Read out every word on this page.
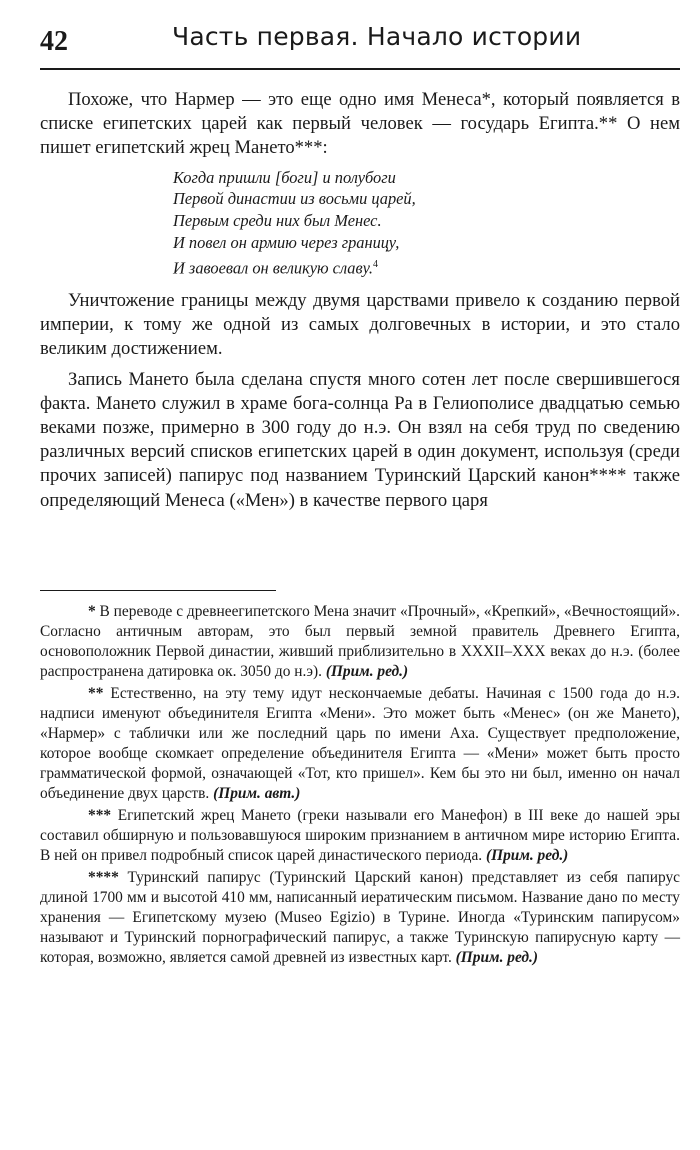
42	Часть первая. Начало истории

Похоже, что Нармер — это еще одно имя Менеса*, который появляется в списке египетских царей как первый человек — государь Египта.** О нем пишет египетский жрец Мането***:

Когда пришли [боги] и полубоги
Первой династии из восьми царей,
Первым среди них был Менес.
И повел он армию через границу,
И завоевал он великую славу.$^4$

Уничтожение границы между двумя царствами привело к созданию первой империи, к тому же одной из самых долговечных в истории, и это стало великим достижением.

Запись Мането была сделана спустя много сотен лет после свершившегося факта. Мането служил в храме бога-солнца Ра в Гелиополисе двадцатью семью веками позже, примерно в 300 году до н.э. Он взял на себя труд по сведению различных версий списков египетских царей в один документ, используя (среди прочих записей) папирус под названием Туринский Царский канон**** также определяющий Менеса («Мен») в качестве первого царя

* В переводе с древнеегипетского Мена значит «Прочный», «Крепкий», «Вечностоящий». Согласно античным авторам, это был первый земной правитель Древнего Египта, основоположник Первой династии, живший приблизительно в XXXII–XXX веках до н.э. (более распространена датировка ок. 3050 до н.э). (Прим. ред.)

** Естественно, на эту тему идут нескончаемые дебаты. Начиная с 1500 года до н.э. надписи именуют объединителя Египта «Мени». Это может быть «Менес» (он же Мането), «Нармер» с таблички или же последний царь по имени Аха. Существует предположение, которое вообще скомкает определение объединителя Египта — «Мени» может быть просто грамматической формой, означающей «Тот, кто пришел». Кем бы это ни был, именно он начал объединение двух царств. (Прим. авт.)

*** Египетский жрец Мането (греки называли его Манефон) в III веке до нашей эры составил обширную и пользовавшуюся широким признанием в античном мире историю Египта. В ней он привел подробный список царей династического периода. (Прим. ред.)

**** Туринский папирус (Туринский Царский канон) представляет из себя папирус длиной 1700 мм и высотой 410 мм, написанный иератическим письмом. Название дано по месту хранения — Египетскому музею (Museo Egizio) в Турине. Иногда «Туринским папирусом» называют и Туринский порнографический папирус, а также Туринскую папирусную карту — которая, возможно, является самой древней из известных карт. (Прим. ред.)
